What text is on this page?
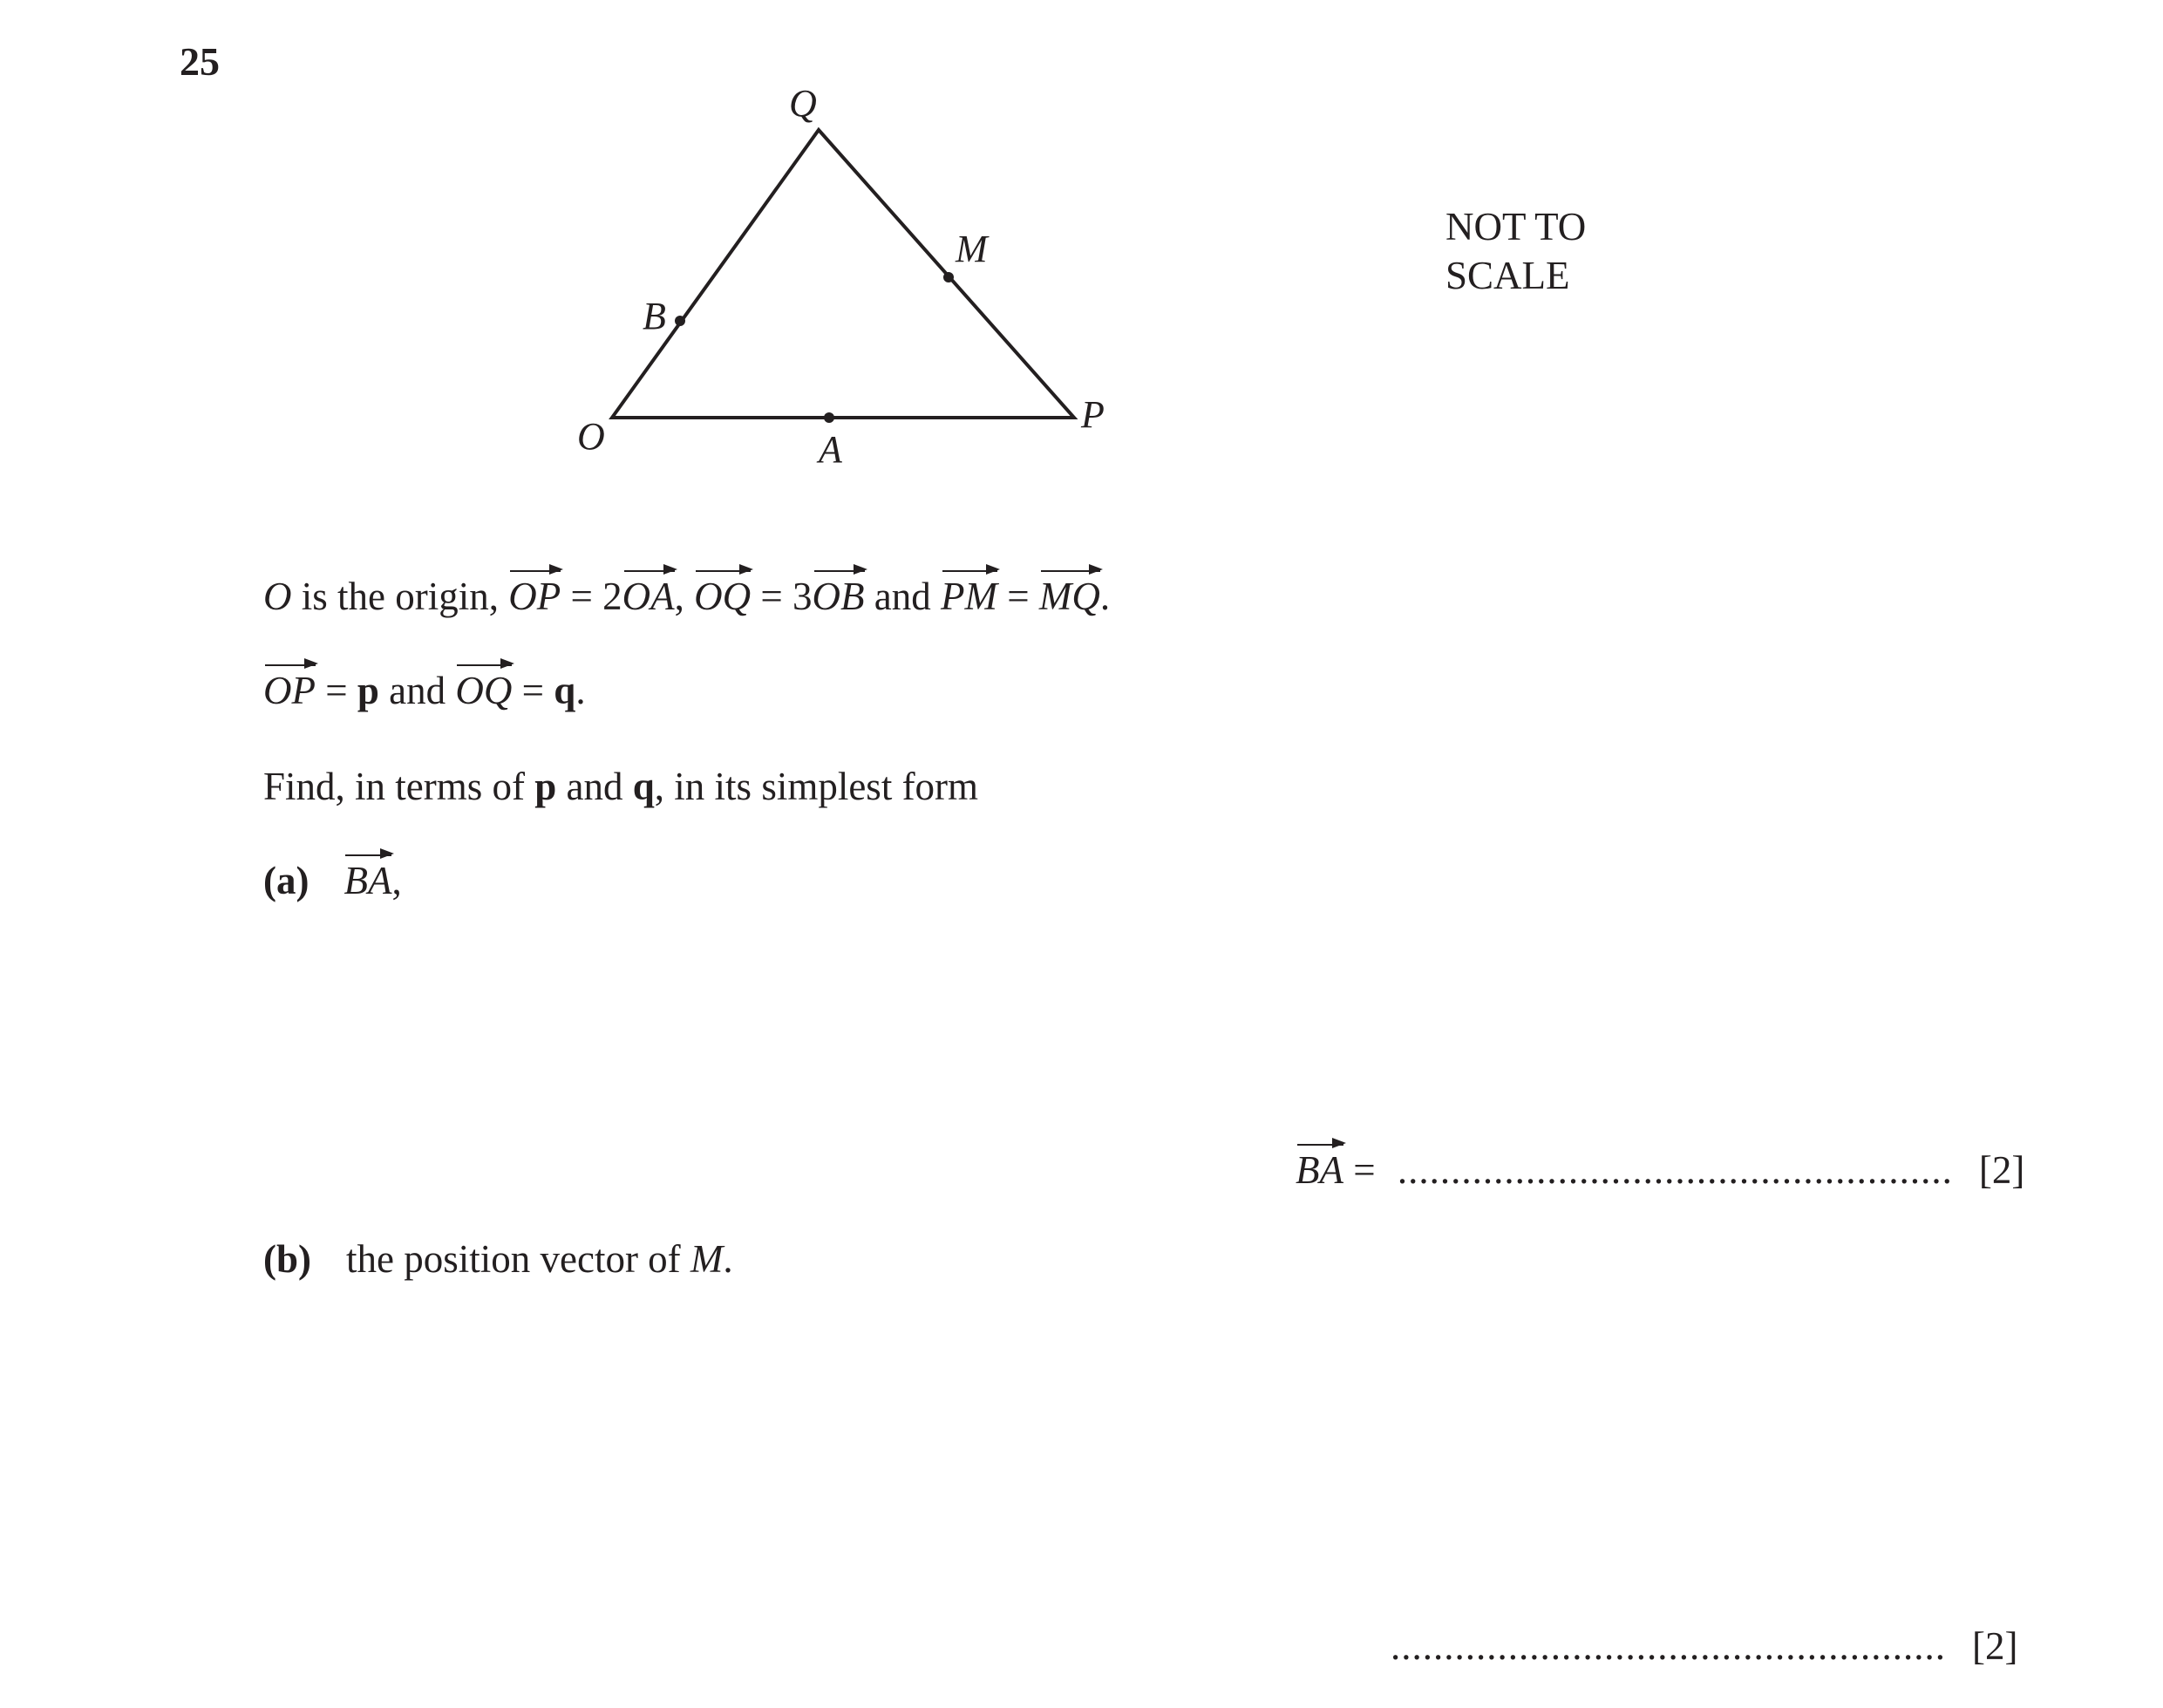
25
O	A
P
B
Q
M
NOT TO
SCALE
O is the origin, OP = 2OA, OQ = 3OB and PM = MQ.
OP = p and OQ = q.
Find, in terms of p and q, in its simplest form
(a) BA,
BA = .................................................... [2]
(b) the position vector of M.
.................................................... [2]
